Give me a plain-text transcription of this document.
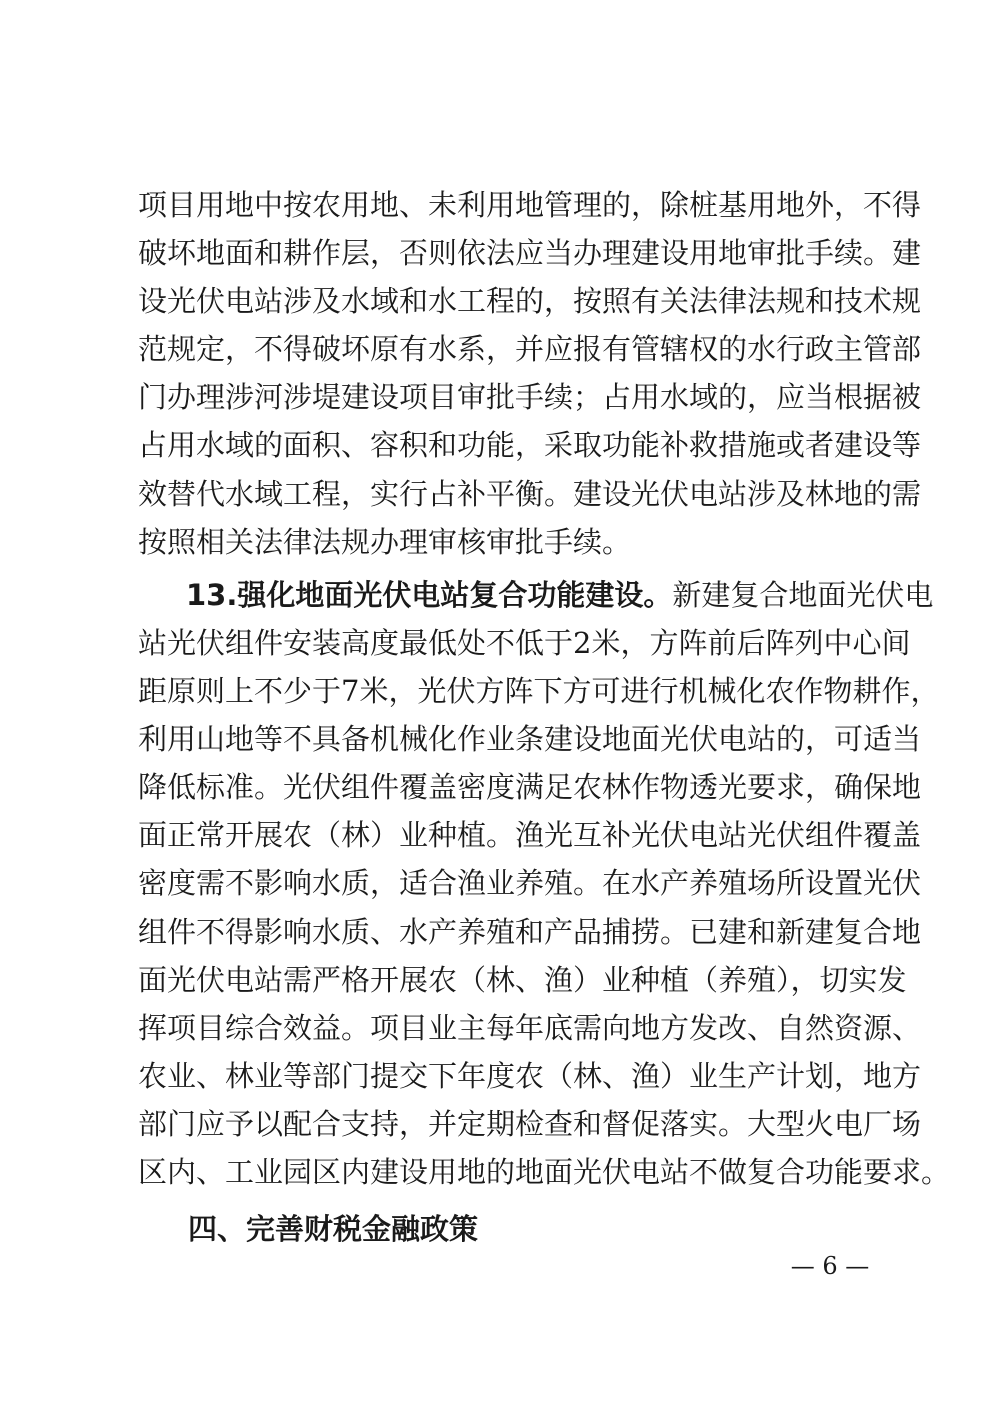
项目用地中按农用地、未利用地管理的，除桩基用地外，不得
破坏地面和耕作层，否则依法应当办理建设用地审批手续。建
设光伏电站涉及水域和水工程的，按照有关法律法规和技术规
范规定，不得破坏原有水系，并应报有管辖权的水行政主管部
门办理涉河涉堤建设项目审批手续；占用水域的，应当根据被
占用水域的面积、容积和功能，采取功能补救措施或者建设等
效替代水域工程，实行占补平衡。建设光伏电站涉及林地的需
按照相关法律法规办理审核审批手续。
13.强化地面光伏电站复合功能建设。新建复合地面光伏电
站光伏组件安装高度最低处不低于2米，方阵前后阵列中心间
距原则上不少于7米，光伏方阵下方可进行机械化农作物耕作，
利用山地等不具备机械化作业条建设地面光伏电站的，可适当
降低标准。光伏组件覆盖密度满足农林作物透光要求，确保地
面正常开展农（林）业种植。渔光互补光伏电站光伏组件覆盖
密度需不影响水质，适合渔业养殖。在水产养殖场所设置光伏
组件不得影响水质、水产养殖和产品捕捞。已建和新建复合地
面光伏电站需严格开展农（林、渔）业种植（养殖），切实发
挥项目综合效益。项目业主每年底需向地方发改、自然资源、
农业、林业等部门提交下年度农（林、渔）业生产计划，地方
部门应予以配合支持，并定期检查和督促落实。大型火电厂场
区内、工业园区内建设用地的地面光伏电站不做复合功能要求。
四、完善财税金融政策
— 6 —
